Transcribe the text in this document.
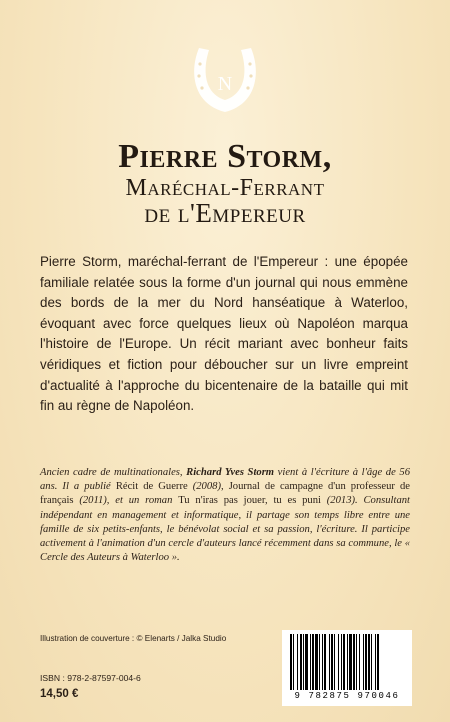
N
Pierre Storm,
Maréchal-Ferrant
de l'Empereur

Pierre Storm, maréchal-ferrant de l'Empereur : une épopée familiale relatée sous la forme d'un journal qui nous emmène des bords de la mer du Nord hanséatique à Waterloo, évoquant avec force quelques lieux où Napoléon marqua l'histoire de l'Europe. Un récit mariant avec bonheur faits véridiques et fiction pour déboucher sur un livre empreint d'actualité à l'approche du bicentenaire de la bataille qui mit fin au règne de Napoléon.

Ancien cadre de multinationales, Richard Yves Storm vient à l'écriture à l'âge de 56 ans. Il a publié Récit de Guerre (2008), Journal de campagne d'un professeur de français (2011), et un roman Tu n'iras pas jouer, tu es puni (2013). Consultant indépendant en management et informatique, il partage son temps libre entre une famille de six petits-enfants, le bénévolat social et sa passion, l'écriture. Il participe activement à l'animation d'un cercle d'auteurs lancé récemment dans sa commune, le « Cercle des Auteurs à Waterloo ».

Illustration de couverture : © Elenarts / Jalka Studio
ISBN : 978-2-87597-004-6
14,50 €	9 782875 970046
